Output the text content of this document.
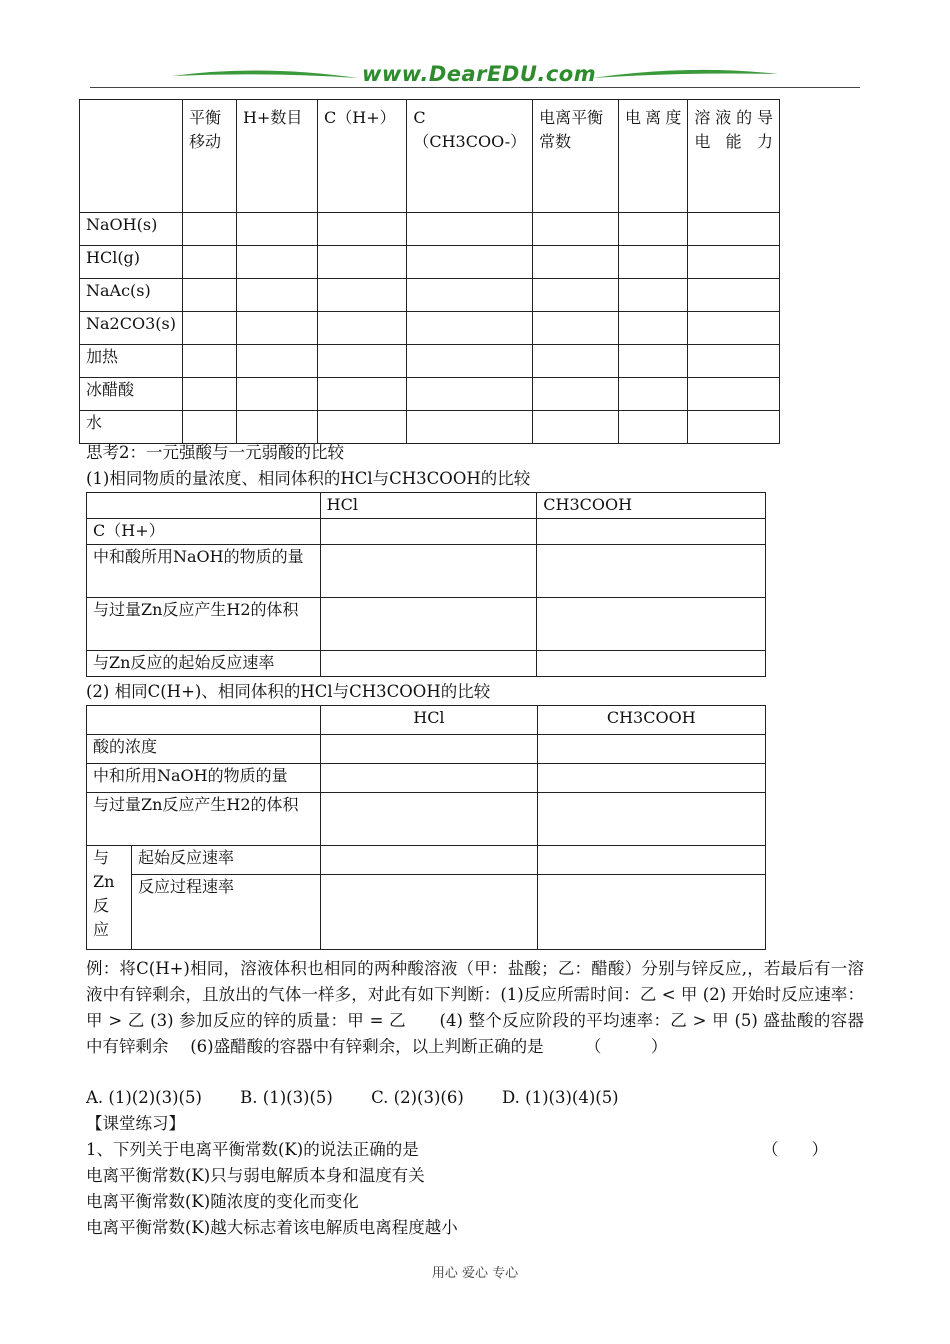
www.DearEDU.com
	平衡移动	H+数目	C（H+）	C（CH3COO-）	电离平衡常数	电离度	溶液的导电能力
NaOH(s)							
HCl(g)							
NaAc(s)							
Na2CO3(s)							
加热							
冰醋酸							
水							
思考2：一元强酸与一元弱酸的比较
(1)相同物质的量浓度、相同体积的HCl与CH3COOH的比较
	HCl	CH3COOH
C（H+）		
中和酸所用NaOH的物质的量		
与过量Zn反应产生H2的体积		
与Zn反应的起始反应速率		
(2) 相同C(H+)、相同体积的HCl与CH3COOH的比较
		HCl	CH3COOH
酸的浓度			
中和所用NaOH的物质的量			
与过量Zn反应产生H2的体积			
与Zn反应	起始反应速率		
	反应过程速率		
例：将C(H+)相同，溶液体积也相同的两种酸溶液（甲：盐酸；乙：醋酸）分别与锌反应,，若最后有一溶液中有锌剩余，且放出的气体一样多，对此有如下判断：(1)反应所需时间：乙 < 甲 (2) 开始时反应速率：甲 > 乙 (3) 参加反应的锌的质量：甲 = 乙　　(4) 整个反应阶段的平均速率：乙 > 甲 (5) 盛盐酸的容器中有锌剩余　 (6)盛醋酸的容器中有锌剩余，以上判断正确的是　　　（　　　）
A. (1)(2)(3)(5)　　 B. (1)(3)(5)　　 C. (2)(3)(6)　　 D. (1)(3)(4)(5)
【课堂练习】
1、下列关于电离平衡常数(K)的说法正确的是	（　　）
电离平衡常数(K)只与弱电解质本身和温度有关
电离平衡常数(K)随浓度的变化而变化
电离平衡常数(K)越大标志着该电解质电离程度越小
用心 爱心 专心
